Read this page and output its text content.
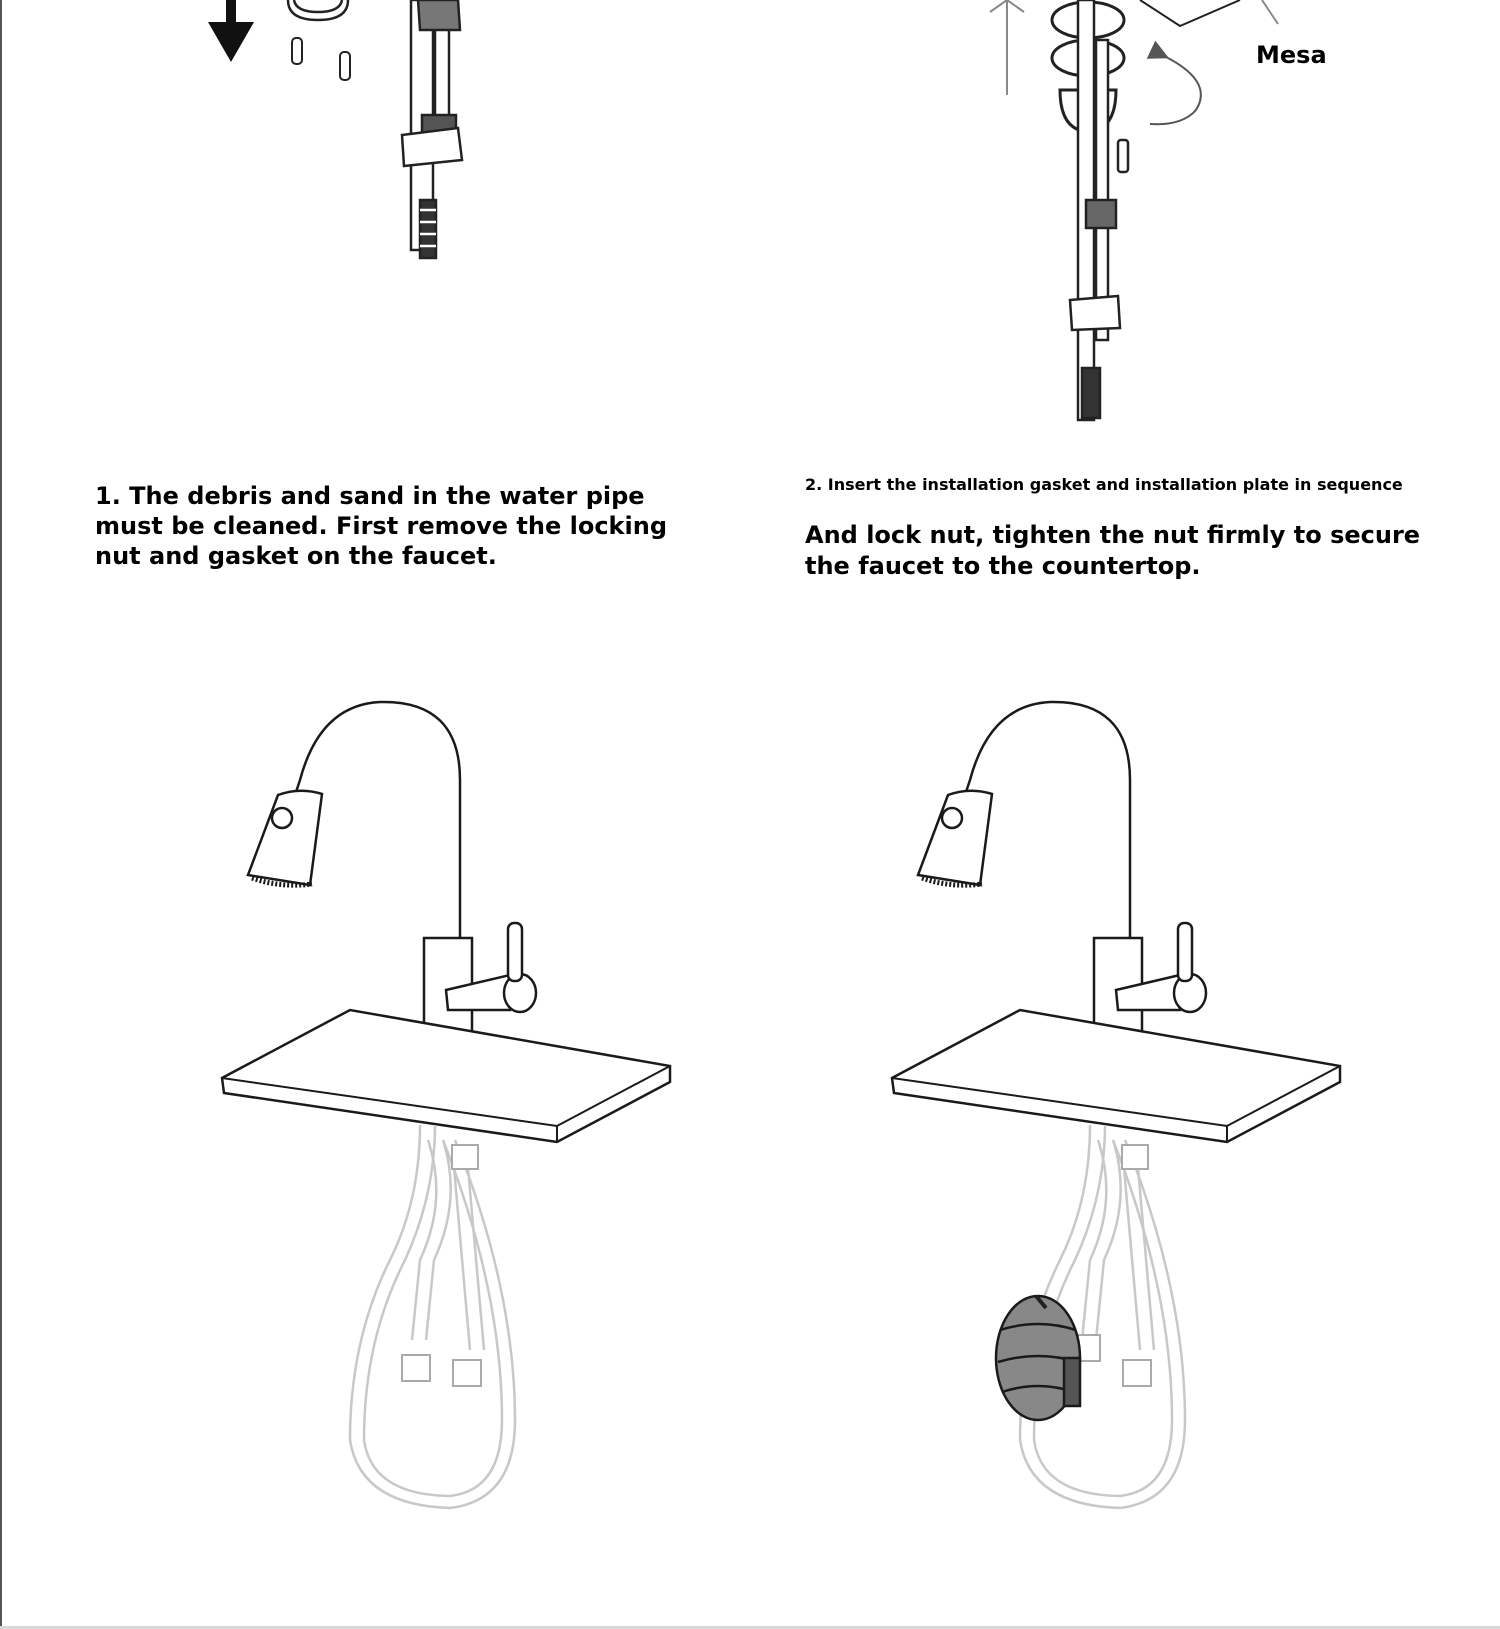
1. The debris and sand in the water pipe must be cleaned. First remove the locking nut and gasket on the faucet.

2. Insert the installation gasket and installation plate in sequence

And lock nut, tighten the nut firmly to secure the faucet to the countertop.

Mesa
